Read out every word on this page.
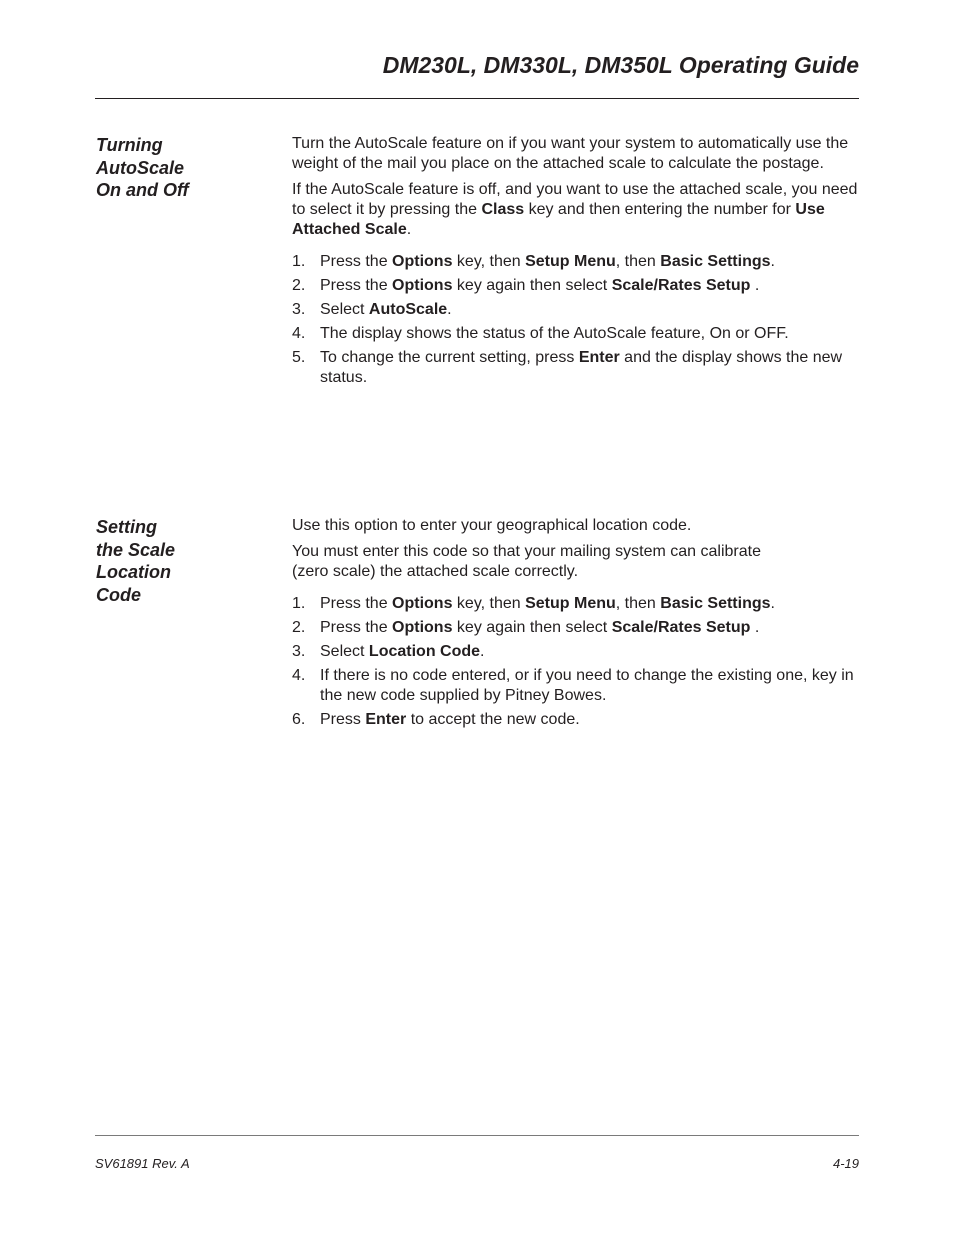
DM230L, DM330L, DM350L Operating Guide
Turning
AutoScale
On and Off

Turn the AutoScale feature on if you want your system to automatically use the weight of the mail you place on the attached scale to calculate the postage.

If the AutoScale feature is off, and you want to use the attached scale, you need to select it by pressing the Class key and then entering the number for Use Attached Scale.

1. Press the Options key, then Setup Menu, then Basic Settings.
2. Press the Options key again then select Scale/Rates Setup .
3. Select AutoScale.
4. The display shows the status of the AutoScale feature, On or OFF.
5. To change the current setting, press Enter and the display shows the new status.
Setting
the Scale
Location
Code

Use this option to enter your geographical location code.

You must enter this code so that your mailing system can calibrate
(zero scale) the attached scale correctly.

1. Press the Options key, then Setup Menu, then Basic Settings.
2. Press the Options key again then select Scale/Rates Setup .
3. Select Location Code.
4. If there is no code entered, or if you need to change the existing one, key in the new code supplied by Pitney Bowes.
6. Press Enter to accept the new code.
SV61891 Rev. A	4-19
